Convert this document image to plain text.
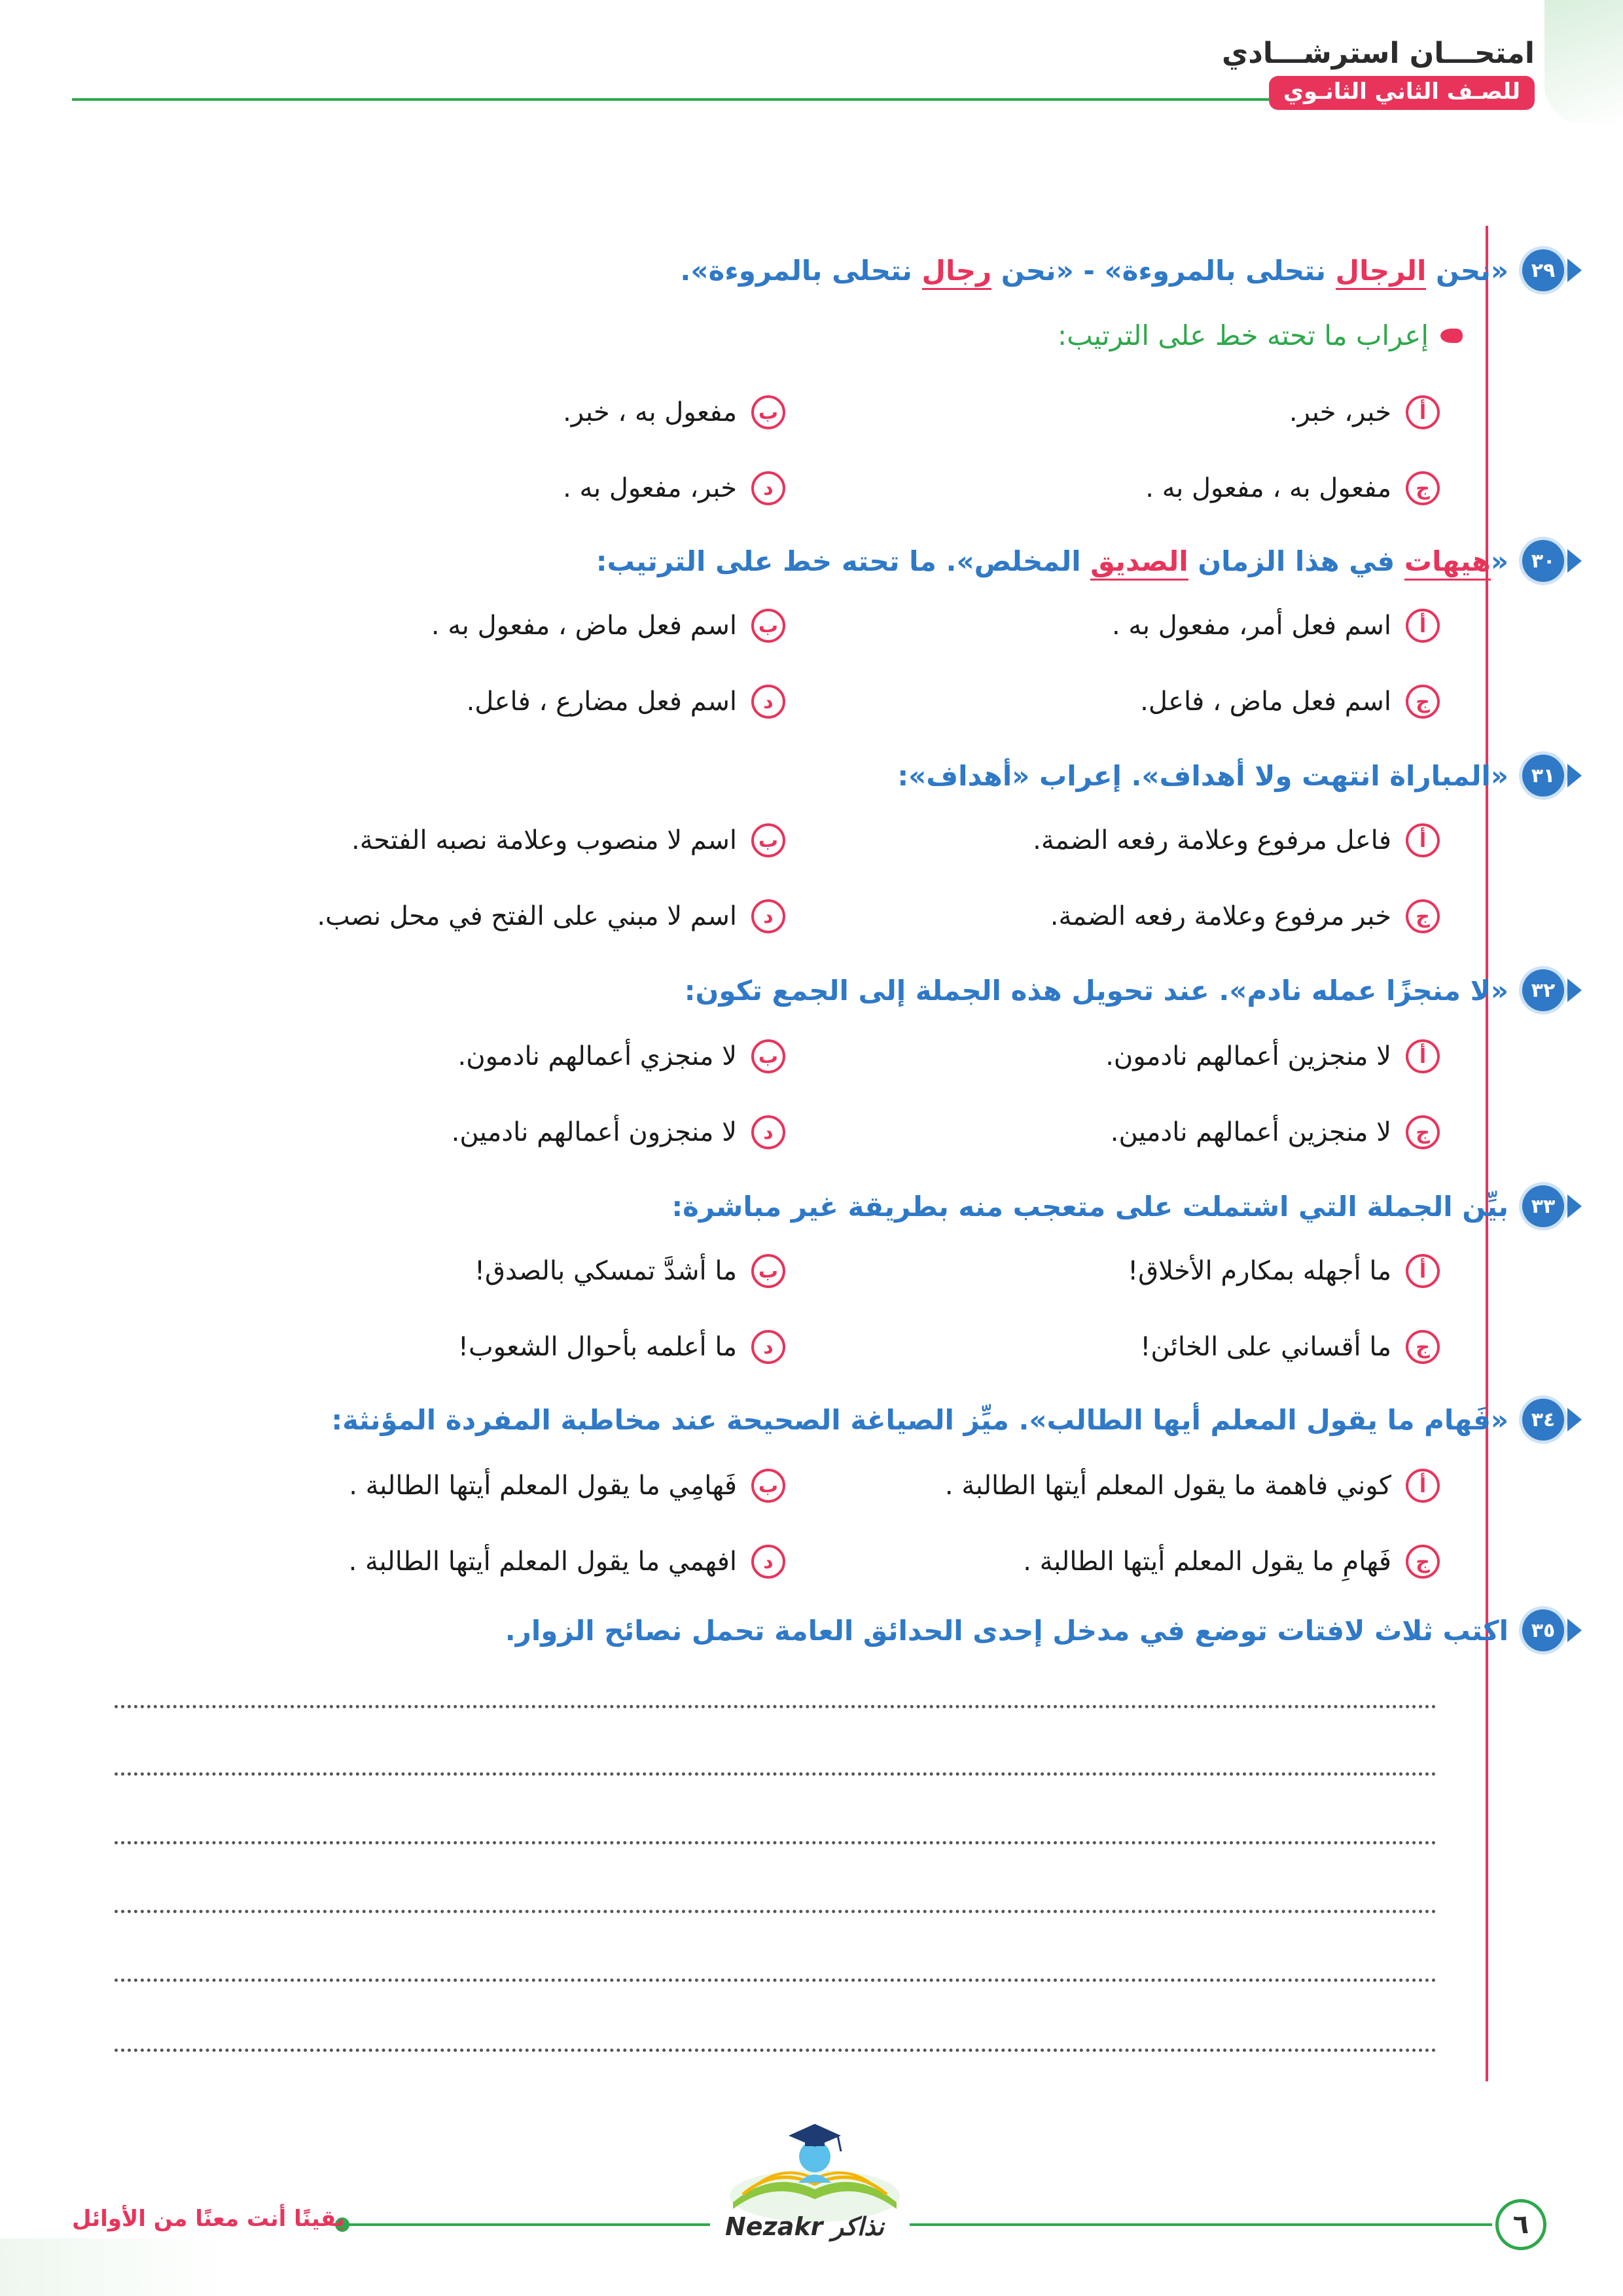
امتحـــان استرشـــادي
للصـف الثاني الثانـوي
٢٩
«نحن الرجال نتحلى بالمروءة» - «نحن رجال نتحلى بالمروءة».
إعراب ما تحته خط على الترتيب:
أ
خبر، خبر.
ب
مفعول به ، خبر.
ج
مفعول به ، مفعول به .
د
خبر، مفعول به .
٣٠
«هيهات في هذا الزمان الصديق المخلص». ما تحته خط على الترتيب:
أ
اسم فعل أمر، مفعول به .
ب
اسم فعل ماض ، مفعول به .
ج
اسم فعل ماض ، فاعل.
د
اسم فعل مضارع ، فاعل.
٣١
«المباراة انتهت ولا أهداف». إعراب «أهداف»:
أ
فاعل مرفوع وعلامة رفعه الضمة.
ب
اسم لا منصوب وعلامة نصبه الفتحة.
ج
خبر مرفوع وعلامة رفعه الضمة.
د
اسم لا مبني على الفتح في محل نصب.
٣٢
«لا منجزًا عمله نادم». عند تحويل هذه الجملة إلى الجمع تكون:
أ
لا منجزين أعمالهم نادمون.
ب
لا منجزي أعمالهم نادمون.
ج
لا منجزين أعمالهم نادمين.
د
لا منجزون أعمالهم نادمين.
٣٣
بيِّن الجملة التي اشتملت على متعجب منه بطريقة غير مباشرة:
أ
ما أجهله بمكارم الأخلاق!
ب
ما أشدَّ تمسكي بالصدق!
ج
ما أقساني على الخائن!
د
ما أعلمه بأحوال الشعوب!
٣٤
«فَهام ما يقول المعلم أيها الطالب». ميِّز الصياغة الصحيحة عند مخاطبة المفردة المؤنثة:
أ
كوني فاهمة ما يقول المعلم أيتها الطالبة .
ب
فَهامِي ما يقول المعلم أيتها الطالبة .
ج
فَهامِ ما يقول المعلم أيتها الطالبة .
د
افهمي ما يقول المعلم أيتها الطالبة .
٣٥
اكتب ثلاث لافتات توضع في مدخل إحدى الحدائق العامة تحمل نصائح الزوار.
٦
يقينًا أنت معنًا من الأوائل	Nezakr نذاكر
